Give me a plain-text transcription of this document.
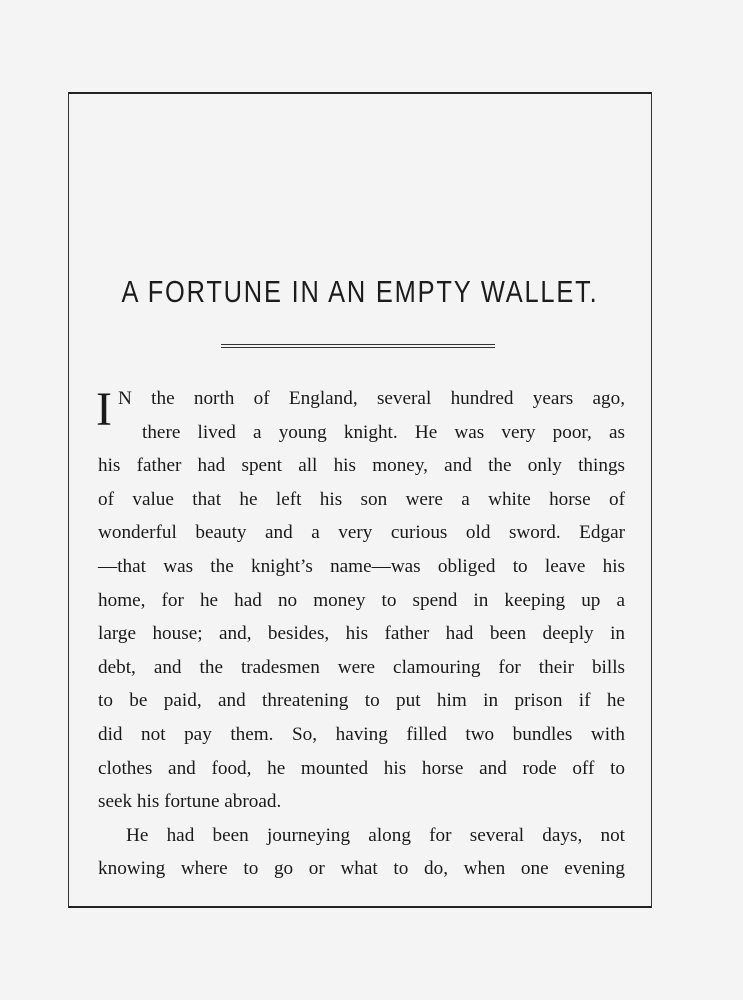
A FORTUNE IN AN EMPTY WALLET.
I N the north of England, several hundred years ago,
there lived a young knight. He was very poor, as
his father had spent all his money, and the only things
of value that he left his son were a white horse of
wonderful beauty and a very curious old sword. Edgar
—that was the knight’s name—was obliged to leave his
home, for he had no money to spend in keeping up a
large house; and, besides, his father had been deeply in
debt, and the tradesmen were clamouring for their bills
to be paid, and threatening to put him in prison if he
did not pay them. So, having filled two bundles with
clothes and food, he mounted his horse and rode off to
seek his fortune abroad.
He had been journeying along for several days, not
knowing where to go or what to do, when one evening
